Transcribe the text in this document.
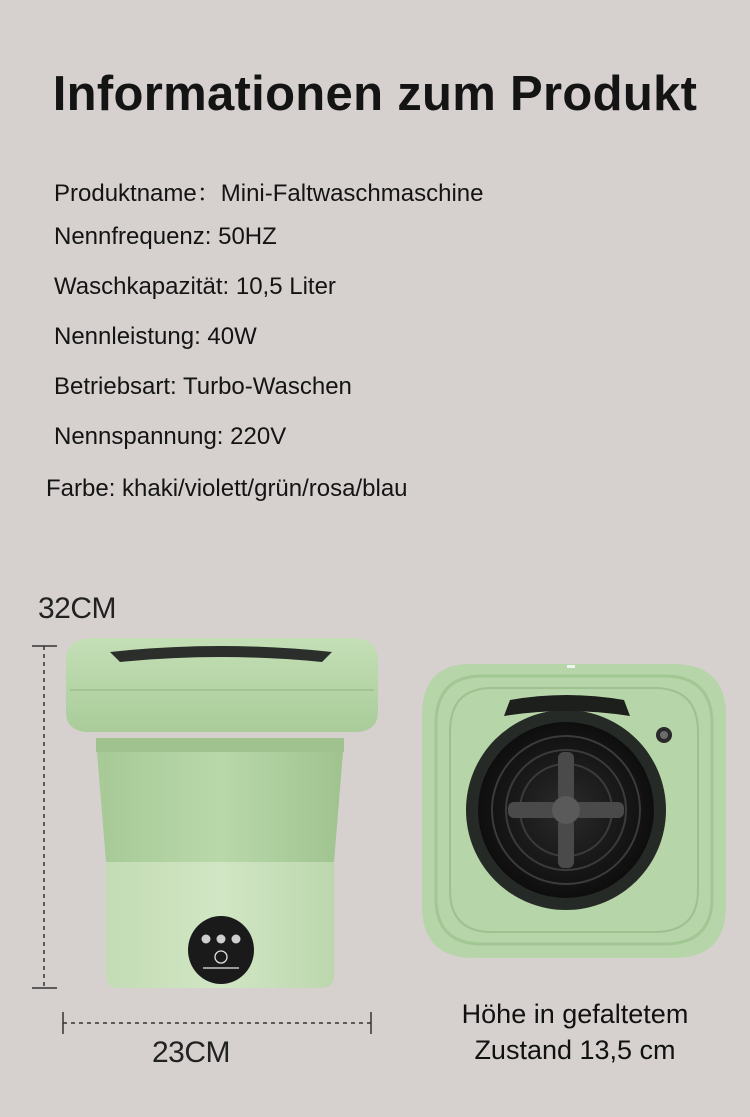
Informationen zum Produkt
Produktname：Mini-Faltwaschmaschine
Nennfrequenz: 50HZ
Waschkapazität: 10,5 Liter
Nennleistung: 40W
Betriebsart: Turbo-Waschen
Nennspannung: 220V
Farbe: khaki/violett/grün/rosa/blau
32CM
23CM
Höhe in gefaltetem
Zustand 13,5 cm
